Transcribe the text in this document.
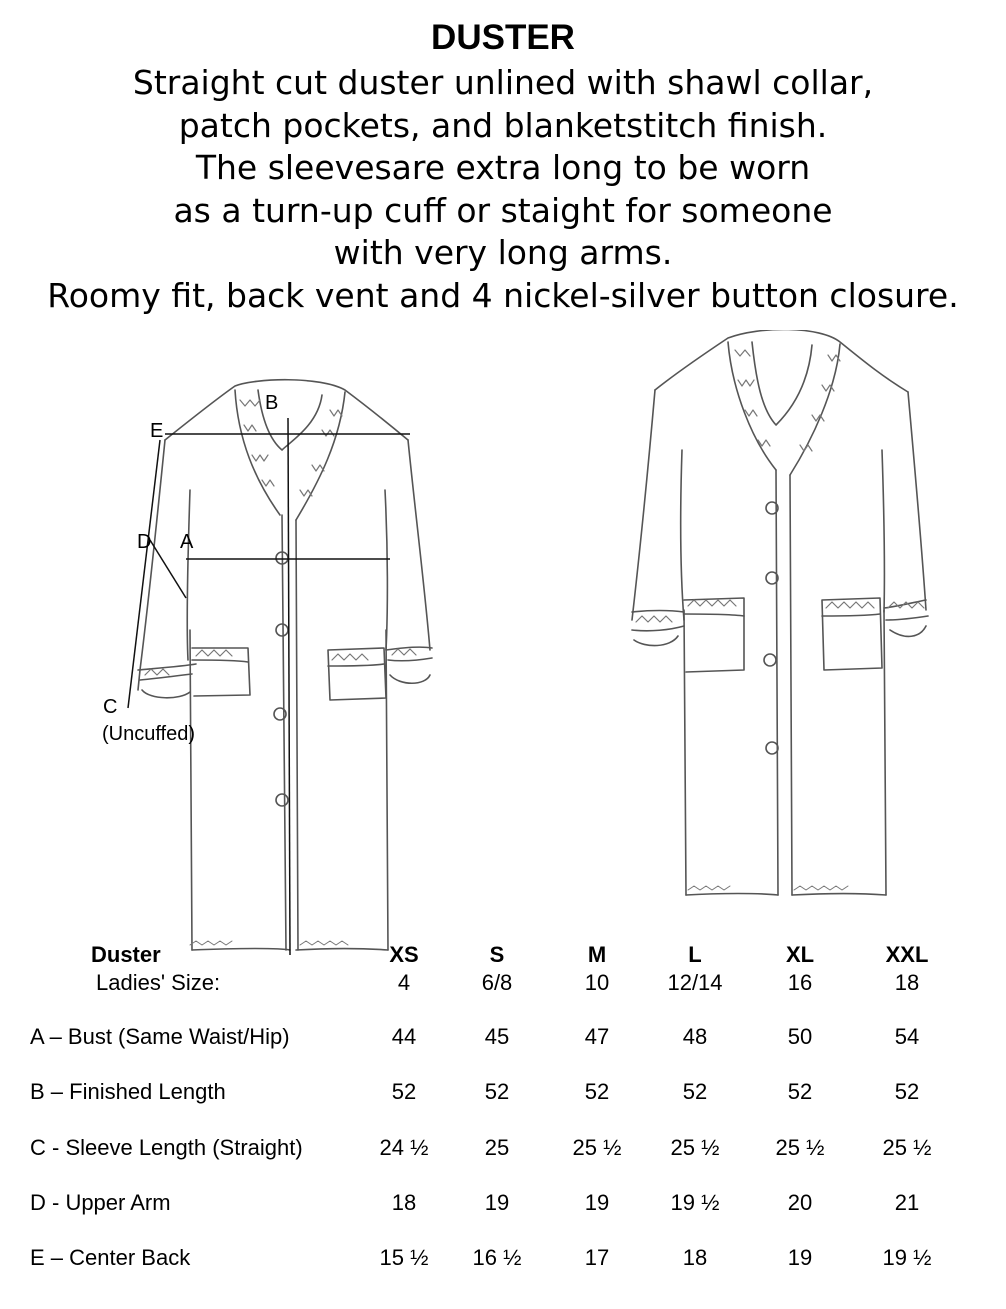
DUSTER
Straight cut duster unlined with shawl collar,
patch pockets, and blanketstitch finish.
The sleevesare extra long to be worn
as a turn-up cuff or staight for someone
with very long arms.
Roomy fit, back vent and 4 nickel-silver button closure.
B
E
D A
C
(Uncuffed)
Duster
Ladies' Size:
XS	S	M	L	XL	XXL
4	6/8	10	12/14	16	18
A – Bust (Same Waist/Hip)	44	45	47	48	50	54
B – Finished Length	52	52	52	52	52	52
C - Sleeve Length (Straight)	24 ½	25	25 ½	25 ½	25 ½	25 ½
D - Upper Arm	18	19	19	19 ½	20	21
E – Center Back	15 ½	16 ½	17	18	19	19 ½
